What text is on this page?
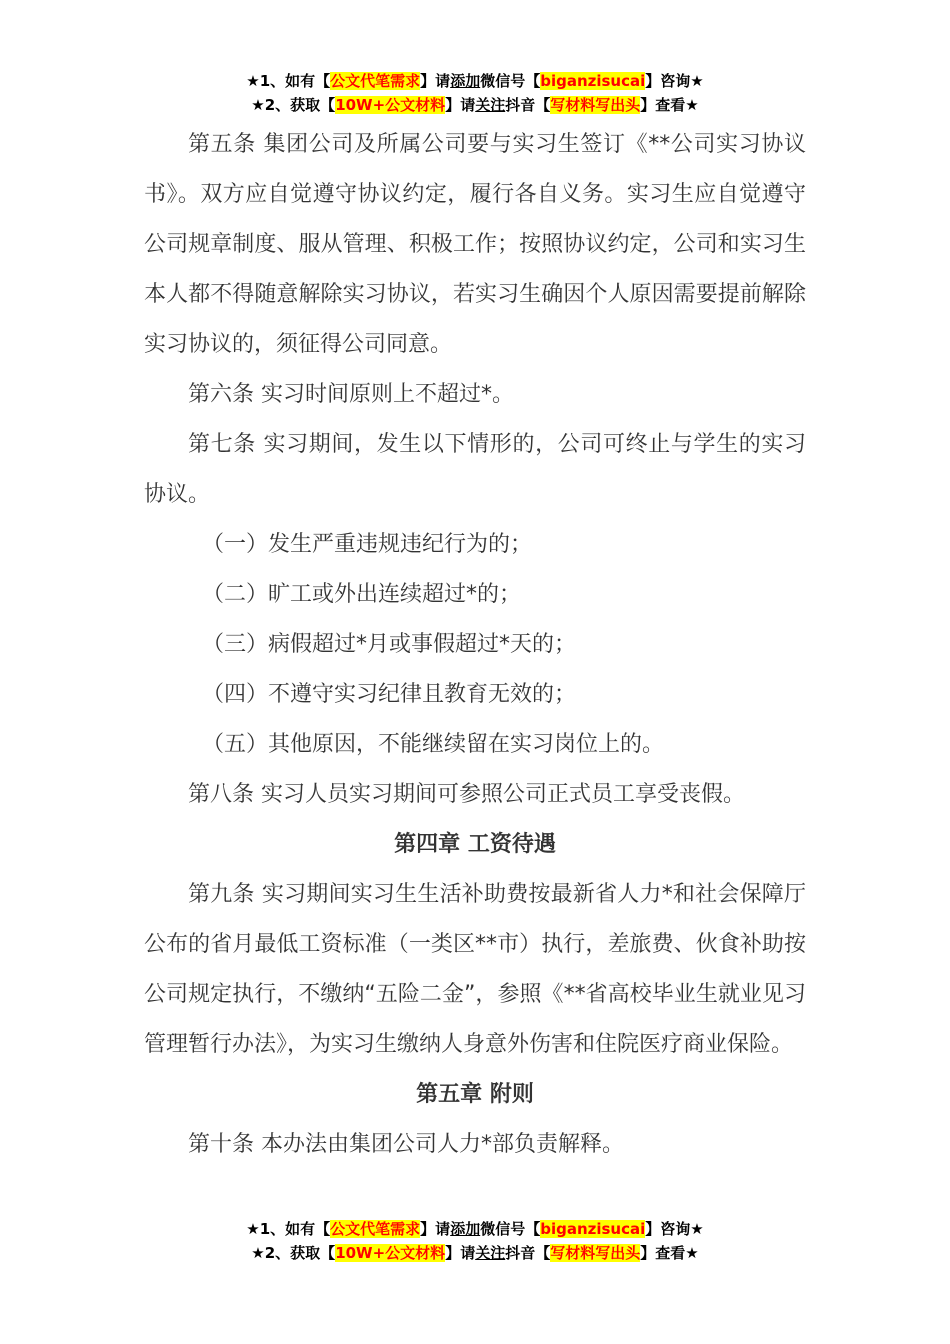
★1、如有【公文代笔需求】请添加微信号【biganzisucai】咨询★
★2、获取【10W+公文材料】请关注抖音【写材料写出头】查看★

第五条 集团公司及所属公司要与实习生签订《**公司实习协议书》。双方应自觉遵守协议约定，履行各自义务。实习生应自觉遵守公司规章制度、服从管理、积极工作；按照协议约定，公司和实习生本人都不得随意解除实习协议，若实习生确因个人原因需要提前解除实习协议的，须征得公司同意。

第六条 实习时间原则上不超过*。

第七条 实习期间，发生以下情形的，公司可终止与学生的实习协议。

（一）发生严重违规违纪行为的；

（二）旷工或外出连续超过*的；

（三）病假超过*月或事假超过*天的；

（四）不遵守实习纪律且教育无效的；

（五）其他原因，不能继续留在实习岗位上的。

第八条 实习人员实习期间可参照公司正式员工享受丧假。

第四章 工资待遇

第九条 实习期间实习生生活补助费按最新省人力*和社会保障厅公布的省月最低工资标准（一类区**市）执行，差旅费、伙食补助按公司规定执行，不缴纳“五险二金”，参照《**省高校毕业生就业见习管理暂行办法》，为实习生缴纳人身意外伤害和住院医疗商业保险。

第五章 附则

第十条 本办法由集团公司人力*部负责解释。

★1、如有【公文代笔需求】请添加微信号【biganzisucai】咨询★
★2、获取【10W+公文材料】请关注抖音【写材料写出头】查看★
